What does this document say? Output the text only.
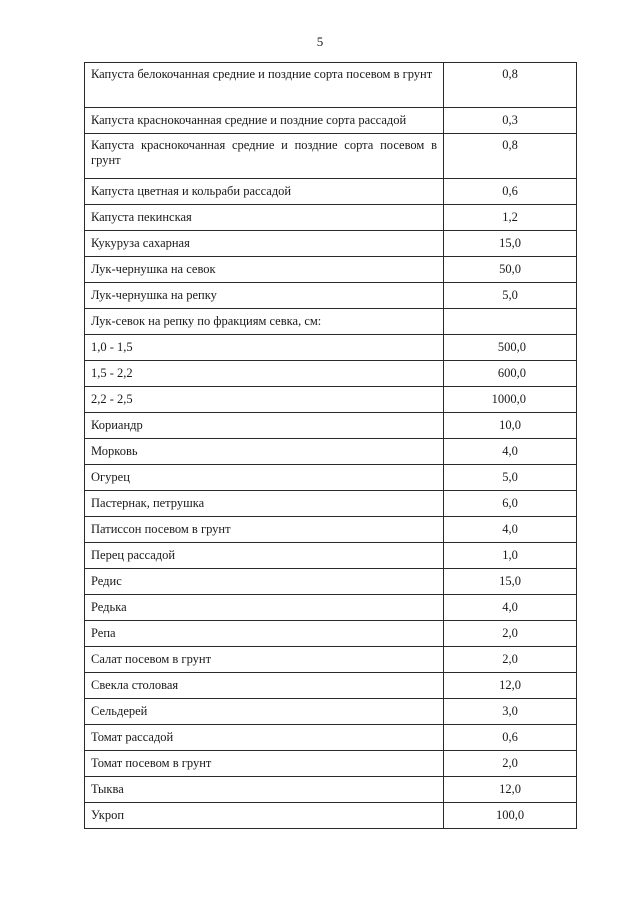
5
Капуста белокочанная средние и поздние сорта посевом в грунт	0,8
Капуста краснокочанная средние и поздние сорта рассадой	0,3
Капуста краснокочанная средние и поздние сорта посевом в грунт	0,8
Капуста цветная и кольраби рассадой	0,6
Капуста пекинская	1,2
Кукуруза сахарная	15,0
Лук-чернушка на севок	50,0
Лук-чернушка на репку	5,0
Лук-севок на репку по фракциям севка, см:	
1,0 - 1,5	500,0
1,5 - 2,2	600,0
2,2 - 2,5	1000,0
Кориандр	10,0
Морковь	4,0
Огурец	5,0
Пастернак, петрушка	6,0
Патиссон посевом в грунт	4,0
Перец рассадой	1,0
Редис	15,0
Редька	4,0
Репа	2,0
Салат посевом в грунт	2,0
Свекла столовая	12,0
Сельдерей	3,0
Томат рассадой	0,6
Томат посевом в грунт	2,0
Тыква	12,0
Укроп	100,0
